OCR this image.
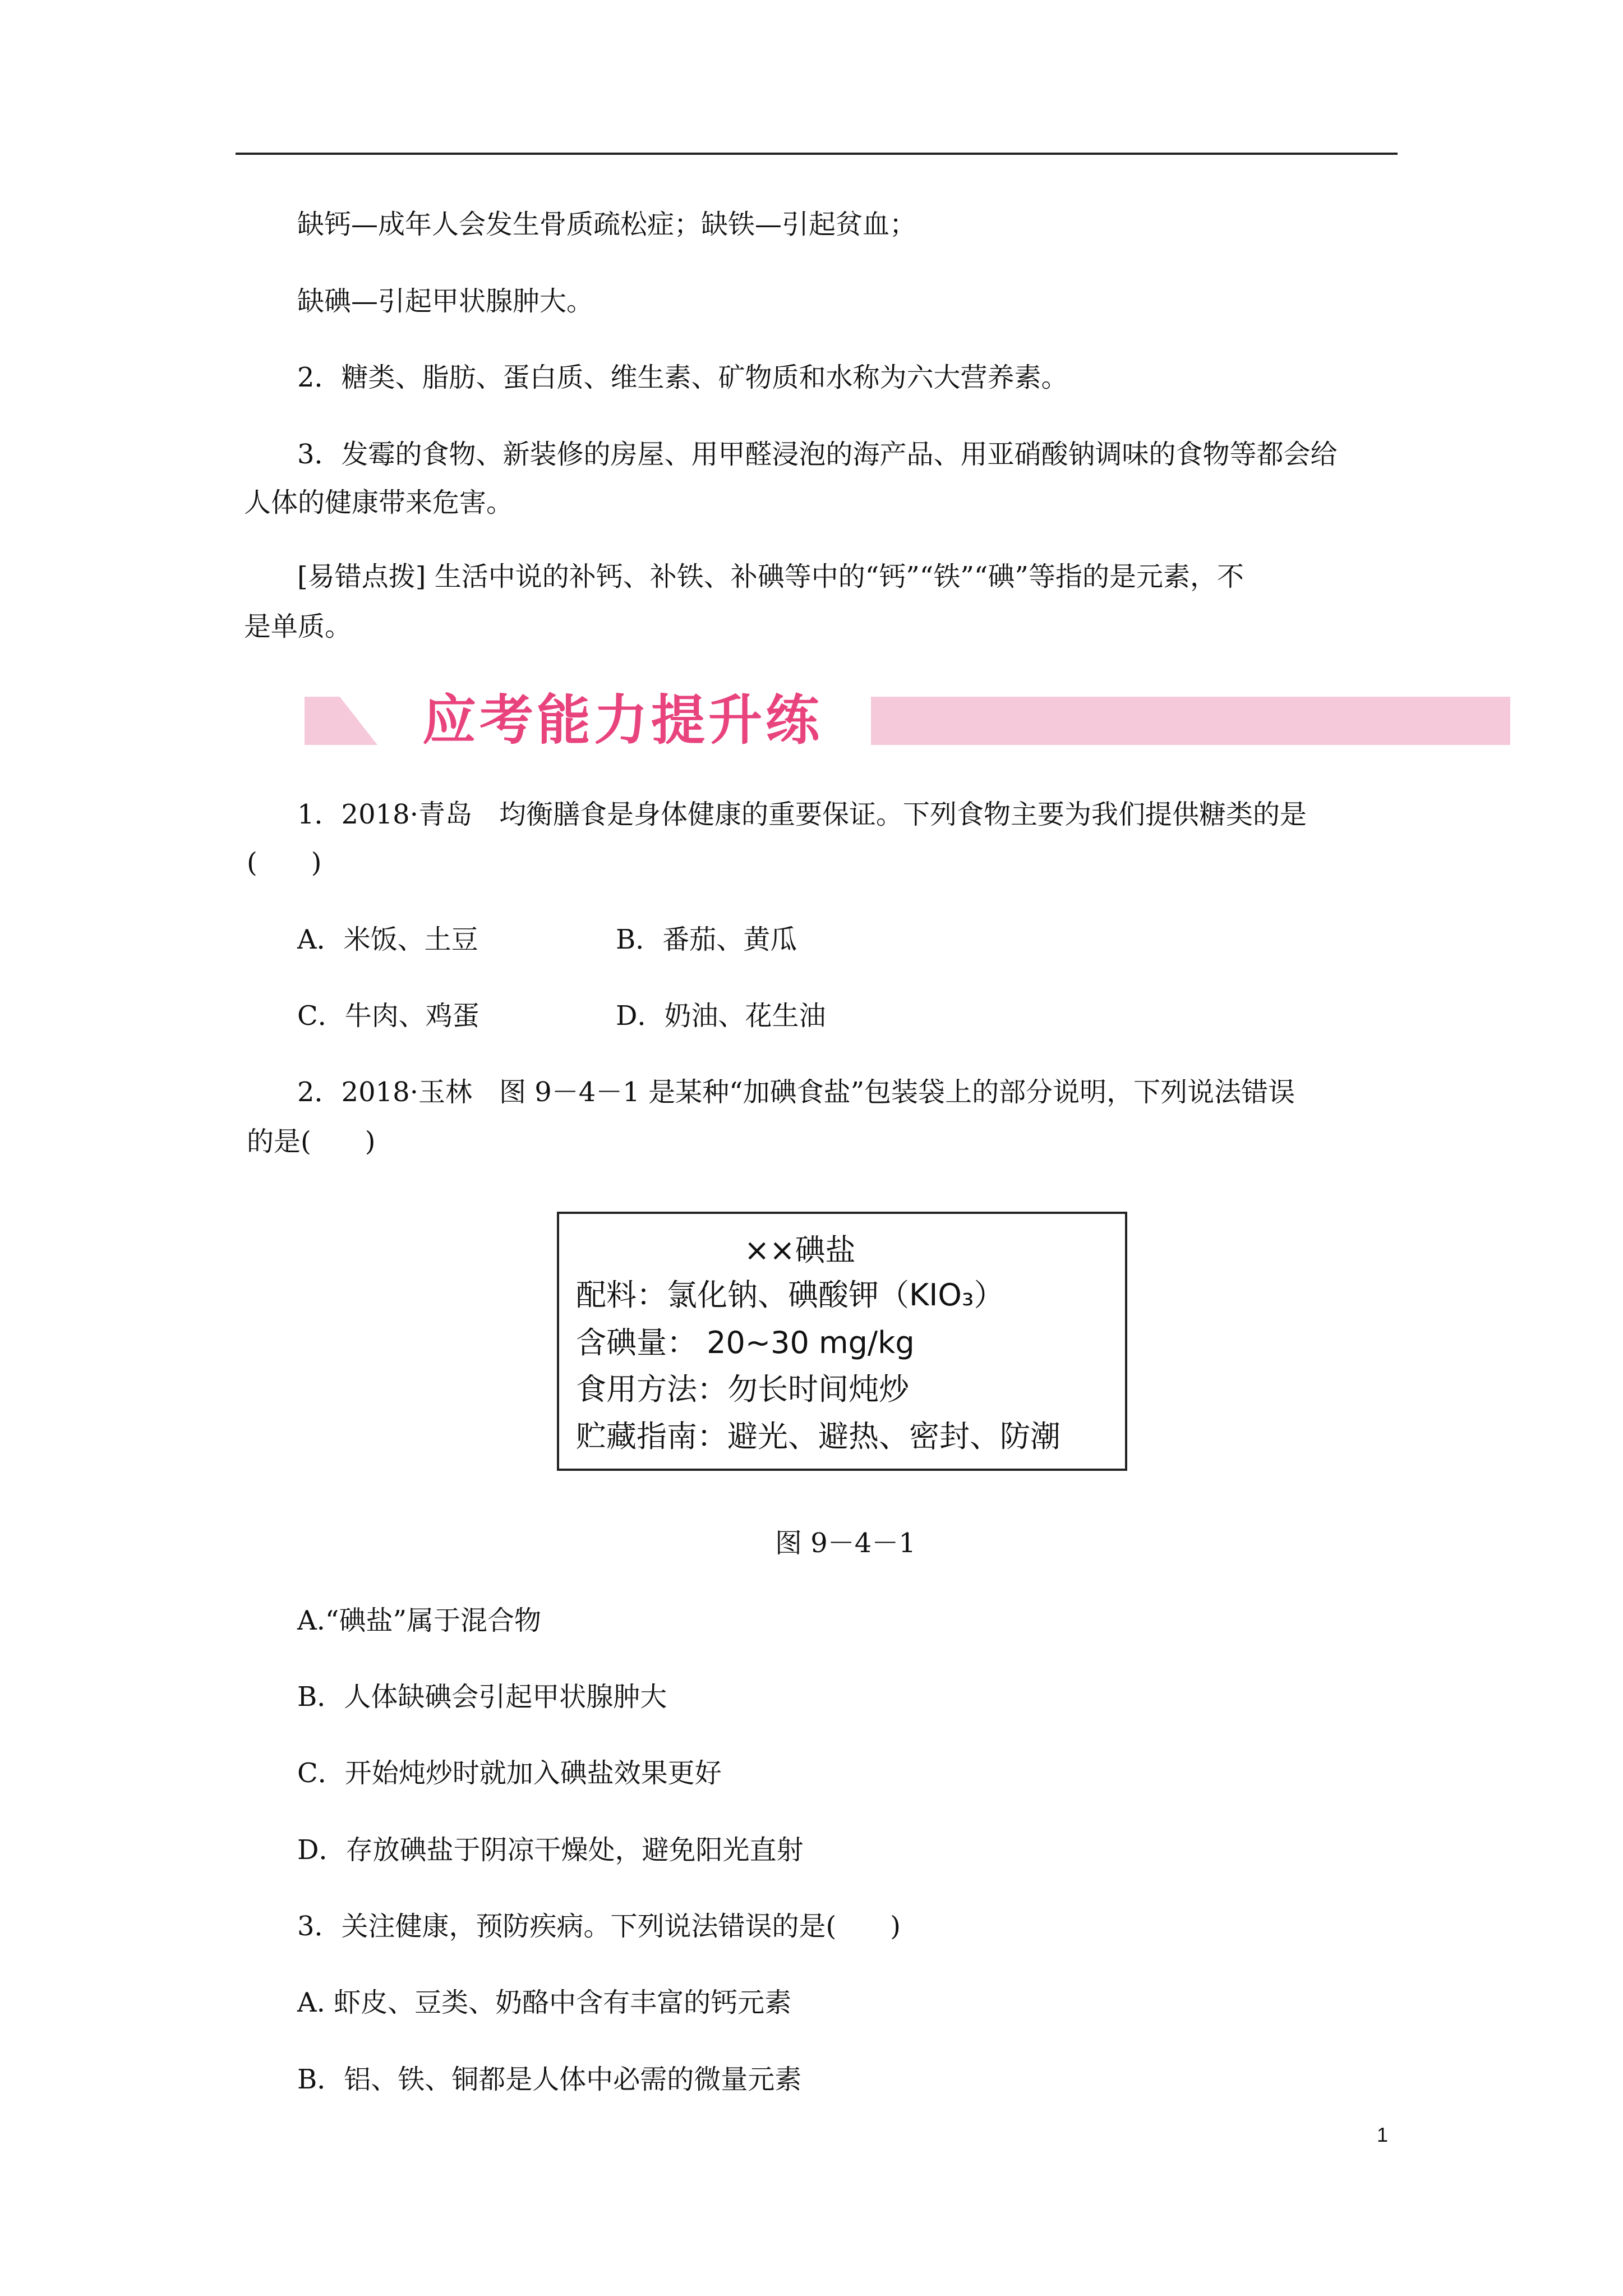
缺钙—成年人会发生骨质疏松症；缺铁—引起贫血；
缺碘—引起甲状腺肿大。
2．糖类、脂肪、蛋白质、维生素、矿物质和水称为六大营养素。
3．发霉的食物、新装修的房屋、用甲醛浸泡的海产品、用亚硝酸钠调味的食物等都会给
人体的健康带来危害。
[易错点拨] 生活中说的补钙、补铁、补碘等中的“钙”“铁”“碘”等指的是元素，不
是单质。
应考能力提升练
1．2018·青岛　均衡膳食是身体健康的重要保证。下列食物主要为我们提供糖类的是
(　　)
A．米饭、土豆	B．番茄、黄瓜
C．牛肉、鸡蛋	D．奶油、花生油
2．2018·玉林　图 9－4－1 是某种“加碘食盐”包装袋上的部分说明，下列说法错误
的是(　　)
××碘盐
配料：氯化钠、碘酸钾（KIO₃）
含碘量： 20~30 mg/kg
食用方法：勿长时间炖炒
贮藏指南：避光、避热、密封、防潮
图 9－4－1
A.“碘盐”属于混合物
B．人体缺碘会引起甲状腺肿大
C．开始炖炒时就加入碘盐效果更好
D．存放碘盐于阴凉干燥处，避免阳光直射
3．关注健康，预防疾病。下列说法错误的是(　　)
A. 虾皮、豆类、奶酪中含有丰富的钙元素
B．铝、铁、铜都是人体中必需的微量元素
1
